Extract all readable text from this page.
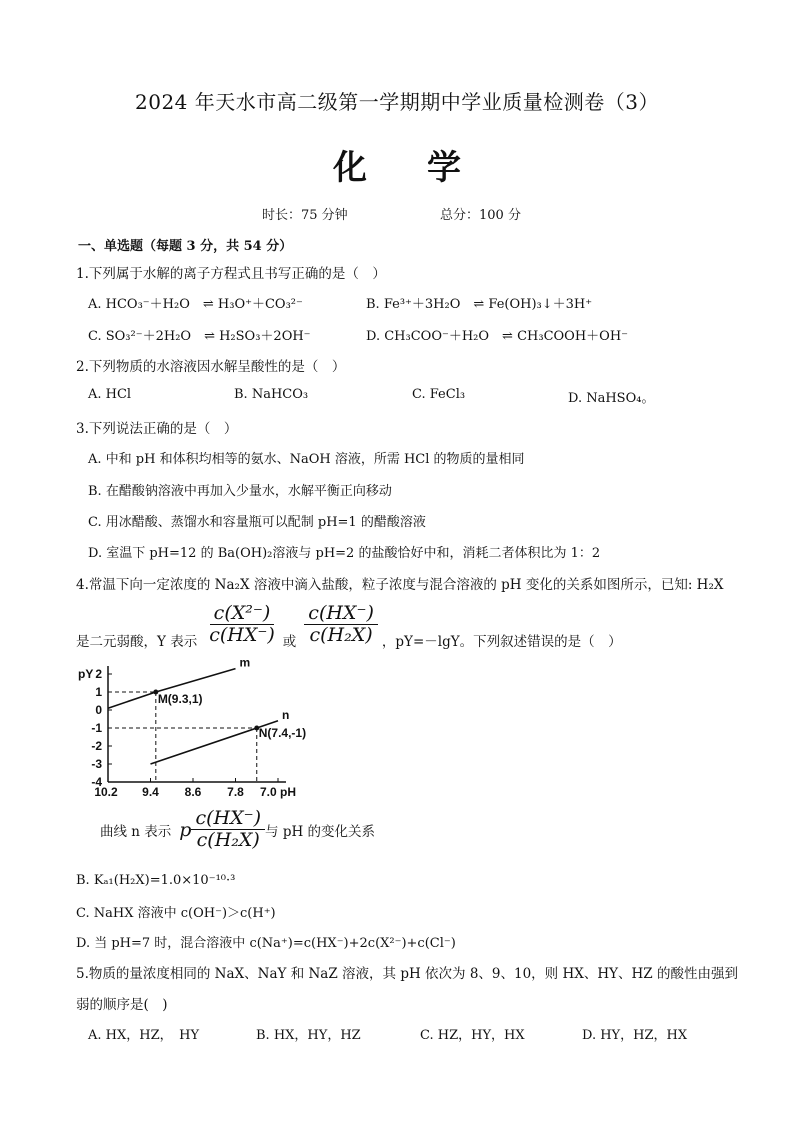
2024 年天水市高二级第一学期期中学业质量检测卷（3）
化学
时长：75 分钟	总分：100 分
一、单选题（每题 3 分，共 54 分）
1.下列属于水解的离子方程式且书写正确的是（　）
A. HCO₃⁻＋H₂O　⇌ H₃O⁺＋CO₃²⁻	B. Fe³⁺＋3H₂O　⇌ Fe(OH)₃↓＋3H⁺
C. SO₃²⁻＋2H₂O　⇌ H₂SO₃＋2OH⁻	D. CH₃COO⁻＋H₂O　⇌ CH₃COOH＋OH⁻
2.下列物质的水溶液因水解呈酸性的是（　）
A. HCl	B. NaHCO₃	C. FeCl₃	D. NaHSO₄。
3.下列说法正确的是（　）
A. 中和 pH 和体积均相等的氨水、NaOH 溶液，所需 HCl 的物质的量相同
B. 在醋酸钠溶液中再加入少量水，水解平衡正向移动
C. 用冰醋酸、蒸馏水和容量瓶可以配制 pH=1 的醋酸溶液
D. 室温下 pH=12 的 Ba(OH)₂溶液与 pH=2 的盐酸恰好中和，消耗二者体积比为 1：2
4.常温下向一定浓度的 Na₂X 溶液中滴入盐酸，粒子浓度与混合溶液的 pH 变化的关系如图所示，已知: H₂X
是二元弱酸，Y 表示 $\frac{\text{c(X²⁻)}}{c(HX^-)}$ 或 $\frac{c(HX^-)}{\text{c(H₂X)}}$ ，pY=－lgY。下列叙述错误的是（　）
pY 2
1
0
-1
-2
-3
-4
10.2 9.4 8.6 7.8 7.0 pH
m
n
M(9.3,1)
N(7.4,-1)
曲线 n 表示 p $\frac{c(HX^-)}{\text{c(H₂X)}}$ 与 pH 的变化关系
B. Kₐ₁(H₂X)=1.0×10⁻¹⁰·³
C. NaHX 溶液中 c(OH⁻)＞c(H⁺)
D. 当 pH=7 时，混合溶液中 c(Na⁺)=c(HX⁻)+2c(X²⁻)+c(Cl⁻)
5.物质的量浓度相同的 NaX、NaY 和 NaZ 溶液，其 pH 依次为 8、9、10，则 HX、HY、HZ 的酸性由强到
弱的顺序是(　)
A. HX，HZ，　HY	B. HX，HY，HZ	C. HZ，HY，HX	D. HY，HZ，HX
